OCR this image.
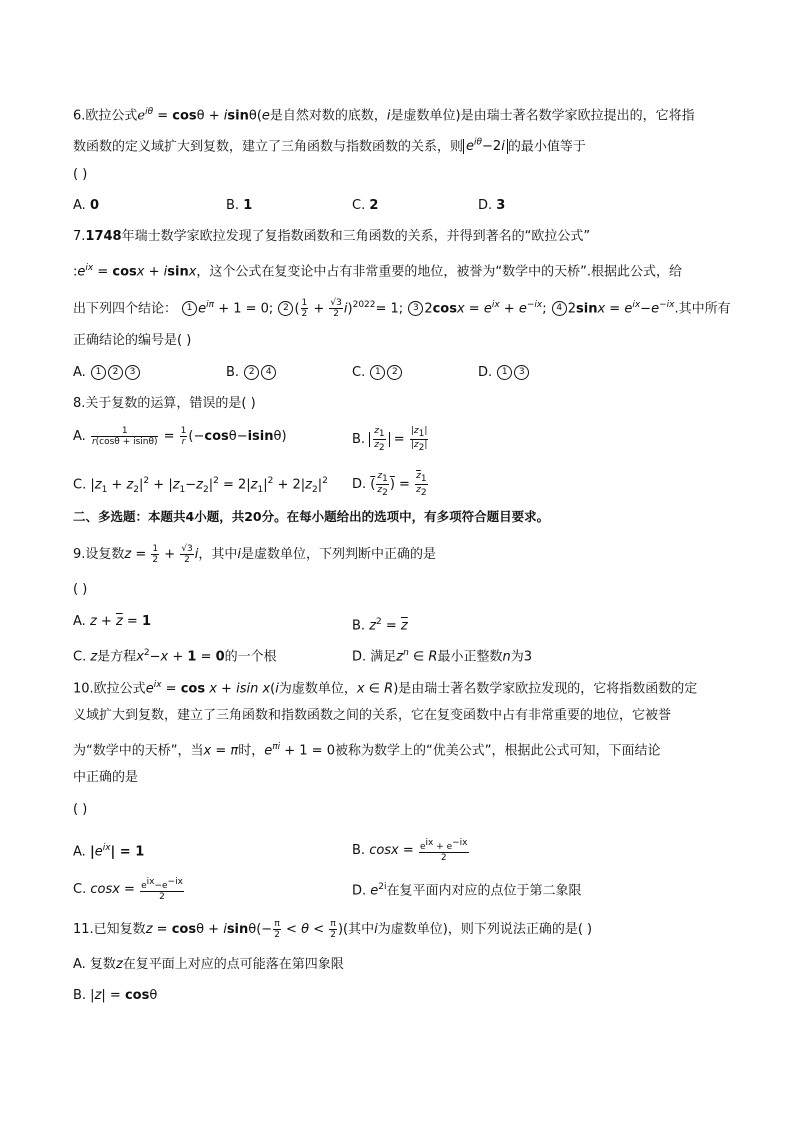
6.欧拉公式$e^{i\theta} = \cos\theta + isin\theta(e$是自然对数的底数，i是虚数单位)是由瑞士著名数学家欧拉提出的，它将指
数函数的定义域扩大到复数，建立了三角函数与指数函数的关系，则 $e^{i\theta}-2i$ 的最小值等于
( )
A. 0	B. 1	C. 2	D. 3
7.1748年瑞士数学家欧拉发现了复指数函数和三角函数的关系，并得到著名的“欧拉公式”
$:e^{ix} = \cos x + isinx$，这个公式在复变论中占有非常重要的地位，被誉为“数学中的天桥”.根据此公式，给
出下列四个结论： 1 $e^{i\pi} + 1 = 0$; 2 ( $\frac{1}{2} + \frac{√3}{2} i)^{2022}= 1$; 3 $2\cos x = e^{ix} + e^{-ix}$; 4 $2\sin x = e^{ix}-e^{-ix}$.其中所有
正确结论的编号是( )
A. 1 2 3	B. 2 4	C. 1 2	D. 1 3
8.关于复数的运算，错误的是( )
A. $\frac{1}{r(\cos\theta + isin\theta)} = \frac{1}{r} (-\cos\theta-isin\theta)$	B. $\frac{z_1}{z_2} = \frac{|z_1|}{|z_2|}$
C. $|z_1 + z_2|^2 + |z_1-z_2|^2 = 2|z_1|^2 + 2|z_2|^2$ D. ( $\frac{z_1}{z_2}$ ) = $\frac{\overline{z}_1}{\overline{z}_2}$
二、多选题：本题共4小题，共20分。在每小题给出的选项中，有多项符合题目要求。
9.设复数$z = \frac{1}{2} + \frac{√3}{2}$ i，其中i是虚数单位，下列判断中正确的是
( )
A. $z + \overline{z} = 1$	B. $z^2 = \overline{z}$
C. z是方程$x^2-x + 1 = 0$的一个根	D. 满足$z^n$ ∈ R最小正整数n为3
10.欧拉公式$e^{ix} = \cos x + isin$ x(i为虚数单位，x ∈ R)是由瑞士著名数学家欧拉发现的，它将指数函数的定
义域扩大到复数，建立了三角函数和指数函数之间的关系，它在复变函数中占有非常重要的地位，它被誉
为“数学中的天桥”，当x = π时，$e^{\pi i} + 1 = 0$被称为数学上的“优美公式”，根据此公式可知，下面结论
中正确的是
( )
A. $|e^{ix}| = 1$	B. $\cos x = \frac{e^{ix} + e^{-ix}}{2}$
C. $\cos x = \frac{e^{ix}-e^{-ix}}{2}$	D. $e^{2i}$在复平面内对应的点位于第二象限
11.已知复数$z = \cos\theta + isin\theta(- \frac{\pi}{2} < \theta < \frac{\pi}{2}$ )(其中i为虚数单位)，则下列说法正确的是( )
A. 复数z在复平面上对应的点可能落在第四象限
B. |z| = cosθ
